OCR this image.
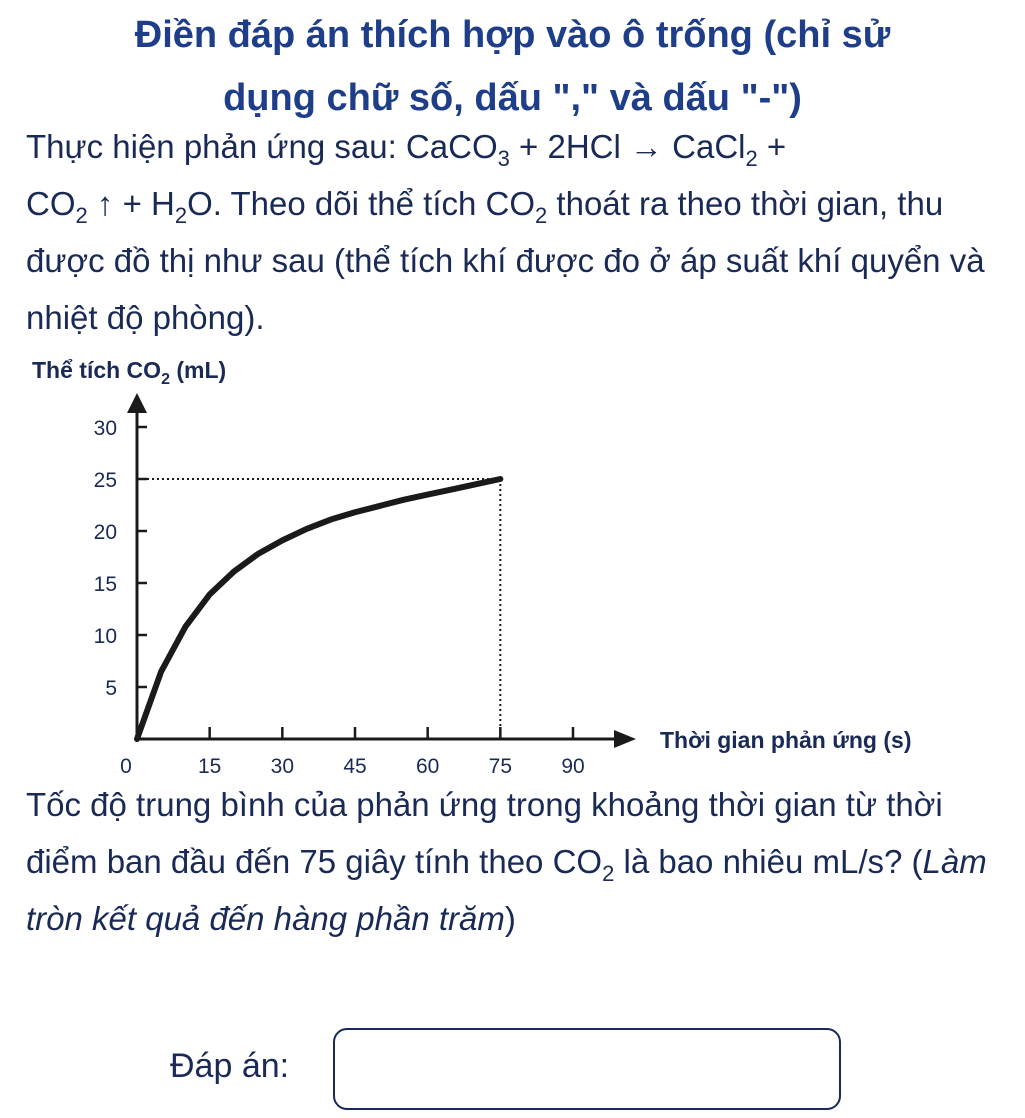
Điền đáp án thích hợp vào ô trống (chỉ sử
dụng chữ số, dấu "," và dấu "-")
Thực hiện phản ứng sau: CaCO$_3$ + 2HCl → CaCl$_2$ +
$CO_2$ ↑ + $H_2O$. Theo dõi thể tích $CO_2$ thoát ra theo thời gian, thu được đồ thị như sau (thể tích khí được đo ở áp suất khí quyển và nhiệt độ phòng).
Thể tích $CO_2$ (mL)
Thời gian phản ứng (s)
5
10
15
20
25
30
0	15 30 45 60 75 90
Tốc độ trung bình của phản ứng trong khoảng thời gian từ thời điểm ban đầu đến 75 giây tính theo $CO_2$ là bao nhiêu mL/s? (Làm tròn kết quả đến hàng phần trăm)
Đáp án:
